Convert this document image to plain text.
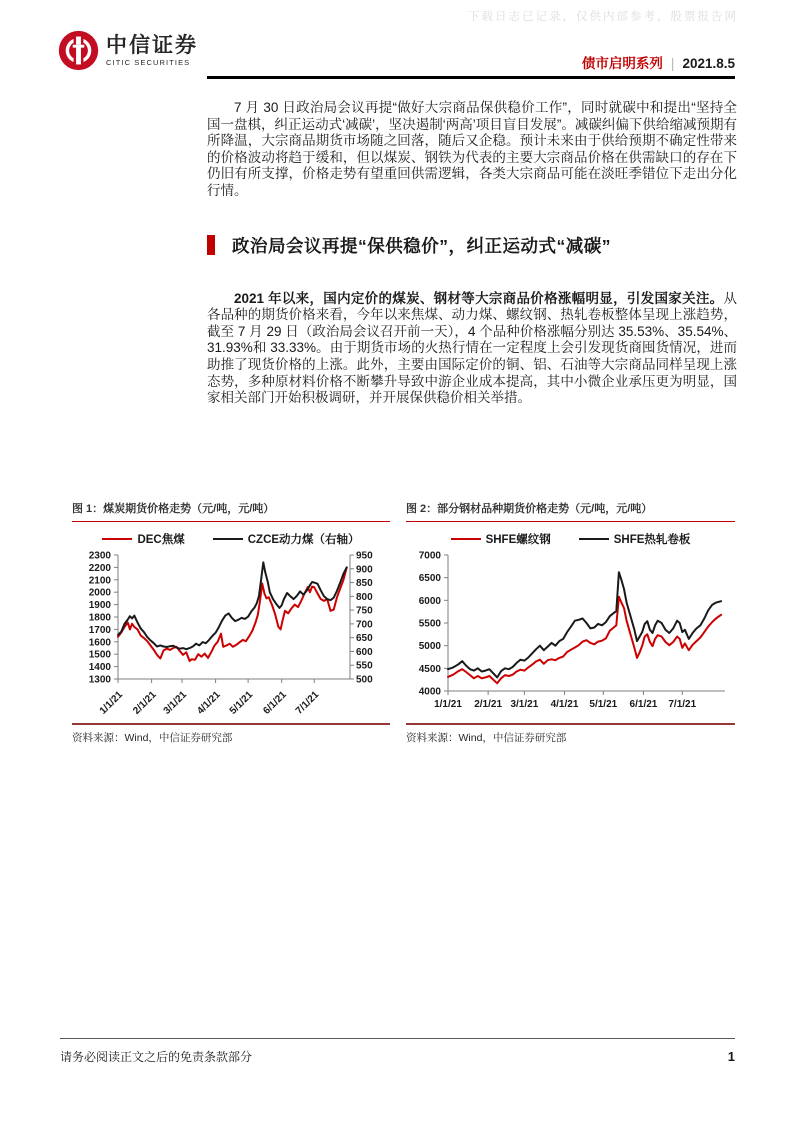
下载日志已记录，仅供内部参考，股票报告网
中信证券
CITIC SECURITIES	债市启明系列 | 2021.8.5

7 月 30 日政治局会议再提“做好大宗商品保供稳价工作”，同时就碳中和提出“坚持全国一盘棋，纠正运动式‘减碳’，坚决遏制‘两高’项目盲目发展”。减碳纠偏下供给缩减预期有所降温，大宗商品期货市场随之回落，随后又企稳。预计未来由于供给预期不确定性带来的价格波动将趋于缓和，但以煤炭、钢铁为代表的主要大宗商品价格在供需缺口的存在下仍旧有所支撑，价格走势有望重回供需逻辑，各类大宗商品可能在淡旺季错位下走出分化行情。

政治局会议再提“保供稳价”，纠正运动式“减碳”

2021 年以来，国内定价的煤炭、钢材等大宗商品价格涨幅明显，引发国家关注。从各品种的期货价格来看，今年以来焦煤、动力煤、螺纹钢、热轧卷板整体呈现上涨趋势，截至 7 月 29 日（政治局会议召开前一天），4 个品种价格涨幅分别达 35.53%、35.54%、31.93%和 33.33%。由于期货市场的火热行情在一定程度上会引发现货商囤货情况，进而助推了现货价格的上涨。此外，主要由国际定价的铜、铝、石油等大宗商品同样呈现上涨态势，多种原材料价格不断攀升导致中游企业成本提高，其中小微企业承压更为明显，国家相关部门开始积极调研，并开展保供稳价相关举措。

图 1：煤炭期货价格走势（元/吨，元/吨）
DEC焦煤	CZCE动力煤（右轴）
1300
1400
1500
1600
1700
1800
1900
2000
2100
2200
2300
500
550
600
650
700
750
800
850
900
950
1/1/21 2/1/21 3/1/21 4/1/21 5/1/21 6/1/21 7/1/21
资料来源：Wind，中信证券研究部
图 2：部分钢材品种期货价格走势（元/吨，元/吨）
SHFE螺纹钢	SHFE热轧卷板
4000
4500
5000
5500
6000
6500
7000
1/1/21 2/1/21 3/1/21 4/1/21 5/1/21 6/1/21 7/1/21
资料来源：Wind，中信证券研究部
请务必阅读正文之后的免责条款部分	1
